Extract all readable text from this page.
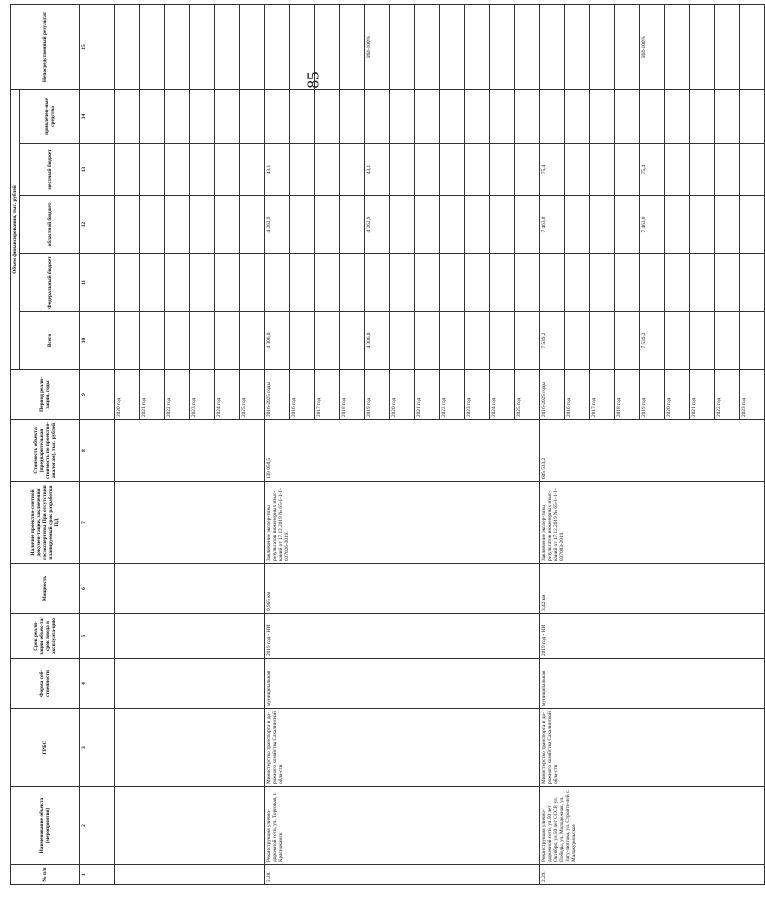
85
№ п/п	Наименование объекта (мероприятия)	ГРБС	Форма соб-ственности	Срок реали-зации объек-та/ срок ввода в эксплуата-цию	Мощность	Наличие проектно-сметной докумен-тации, заключения госэкспертизы При отсутствии планируемый срок разработки ПД	Стоимость объекта (предварительная стоимость по проектно-аналогам), тыс. рублей	Период реали-зации, годы	Объем финансирования, тыс. рублей					Непосредственный результат
									Всего	Федеральный бюджет	областной бюджет	местный бюджет	привлечен-ные средства	
1	2	3	4	5	6	7	8	9	10	11	12	13	14	15
								2020 год						
								2021 год						
								2022 год						
								2023 год						
								2024 год						
								2025 год						
2.28.	Реконструкция улично-дорожной сети, ул. Торговая, г. Краснокамск	Министерство транспорта и до-рожного хозяйства Сахалинской обла-сти	муниципальная	2019 год - НИ	0,965 км	Заключение экспер-тизы результатов инженерных изыс-каний от 17.12.2019 № 65-1-1-1-037026-2019.	139 050,5	2016-2025 годы	4 306,0		4 262,9	43,1		
								2016 год						
								2017 год						
								2018 год						
								2019 год	4 306,0		4 262,9	43,1		ИИ-100%
								2020 год						
								2021 год						
								2022 год						
								2023 год						
								2024 год						
								2025 год						
2.29.	Реконструкция улично-дорожной сети, ул.50 лет Октября, ул.50 лет СССР, ул. Победы, ул. Молодежная, ул. Загу-зинтова, ул. Строите-лей с. Малокурильское	Министерство транспорта и до-рожного хозяйства Сахалинской обла-сти	муниципальная	2019 год - НИ	3,42 км	Заключение экспер-тизы результатов инженерных изыс-каний от 17.12.2019 № 65-1-1-1-037083-2019.	605 533,2	2016-2025 годы	7 539,2		7 463,8	75,4		
								2016 год						
								2017 год						
								2018 год						
								2019 год	7 539,2		7 463,8	75,4		ИИ-100%
								2020 год						
								2021 год						
								2022 год						
								2023 год						
